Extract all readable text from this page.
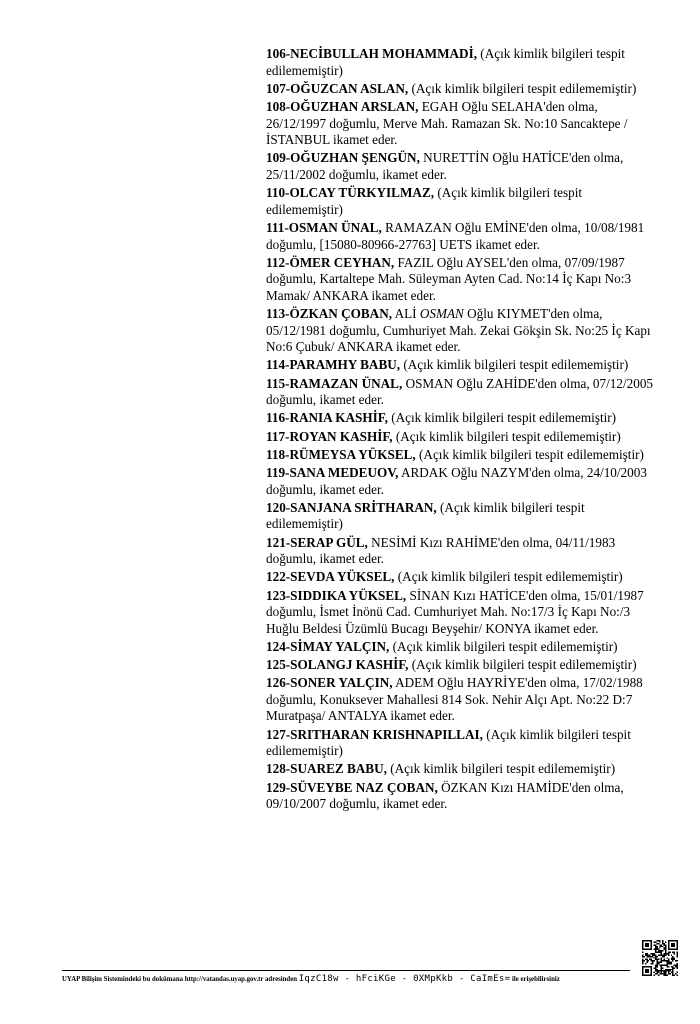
106-NECİBULLAH MOHAMMADİ, (Açık kimlik bilgileri tespit edilememiştir)
107-OĞUZCAN ASLAN, (Açık kimlik bilgileri tespit edilememiştir)
108-OĞUZHAN ARSLAN, EGAH Oğlu SELAHA'den olma, 26/12/1997 doğumlu, Merve Mah. Ramazan Sk. No:10 Sancaktepe / İSTANBUL ikamet eder.
109-OĞUZHAN ŞENGÜN, NURETTİN Oğlu HATİCE'den olma, 25/11/2002 doğumlu, ikamet eder.
110-OLCAY TÜRKYILMAZ, (Açık kimlik bilgileri tespit edilememiştir)
111-OSMAN ÜNAL, RAMAZAN Oğlu EMİNE'den olma, 10/08/1981 doğumlu, [15080-80966-27763] UETS ikamet eder.
112-ÖMER CEYHAN, FAZIL Oğlu AYSEL'den olma, 07/09/1987 doğumlu, Kartaltepe Mah. Süleyman Ayten Cad. No:14 İç Kapı No:3 Mamak/ ANKARA ikamet eder.
113-ÖZKAN ÇOBAN, ALİ OSMAN Oğlu KIYMET'den olma, 05/12/1981 doğumlu, Cumhuriyet Mah. Zekai Gökşin Sk. No:25 İç Kapı No:6 Çubuk/ ANKARA ikamet eder.
114-PARAMHY BABU, (Açık kimlik bilgileri tespit edilememiştir)
115-RAMAZAN ÜNAL, OSMAN Oğlu ZAHİDE'den olma, 07/12/2005 doğumlu, ikamet eder.
116-RANIA KASHİF, (Açık kimlik bilgileri tespit edilememiştir)
117-ROYAN KASHİF, (Açık kimlik bilgileri tespit edilememiştir)
118-RÜMEYSA YÜKSEL, (Açık kimlik bilgileri tespit edilememiştir)
119-SANA MEDEUOV, ARDAK Oğlu NAZYM'den olma, 24/10/2003 doğumlu, ikamet eder.
120-SANJANA SRİTHARAN, (Açık kimlik bilgileri tespit edilememiştir)
121-SERAP GÜL, NESİMİ Kızı RAHİME'den olma, 04/11/1983 doğumlu, ikamet eder.
122-SEVDA YÜKSEL, (Açık kimlik bilgileri tespit edilememiştir)
123-SIDDIKA YÜKSEL, SİNAN Kızı HATİCE'den olma, 15/01/1987 doğumlu, İsmet İnönü Cad. Cumhuriyet Mah. No:17/3 İç Kapı No:/3 Huğlu Beldesi Üzümlü Bucagı Beyşehir/ KONYA ikamet eder.
124-SİMAY YALÇIN, (Açık kimlik bilgileri tespit edilememiştir)
125-SOLANGJ KASHİF, (Açık kimlik bilgileri tespit edilememiştir)
126-SONER YALÇIN, ADEM Oğlu HAYRİYE'den olma, 17/02/1988 doğumlu, Konuksever Mahallesi 814 Sok. Nehir Alçı Apt. No:22 D:7 Muratpaşa/ ANTALYA ikamet eder.
127-SRITHARAN KRISHNAPILLAI, (Açık kimlik bilgileri tespit edilememiştir)
128-SUAREZ BABU, (Açık kimlik bilgileri tespit edilememiştir)
129-SÜVEYBE NAZ ÇOBAN, ÖZKAN Kızı HAMİDE'den olma, 09/10/2007 doğumlu, ikamet eder.
UYAP Bilişim Sistemindeki bu dokümana http://vatandas.uyap.gov.tr adresinden IqzC18w - hFciKGe - 0XMpKkb - CaImEs= ile erişebilirsiniz
